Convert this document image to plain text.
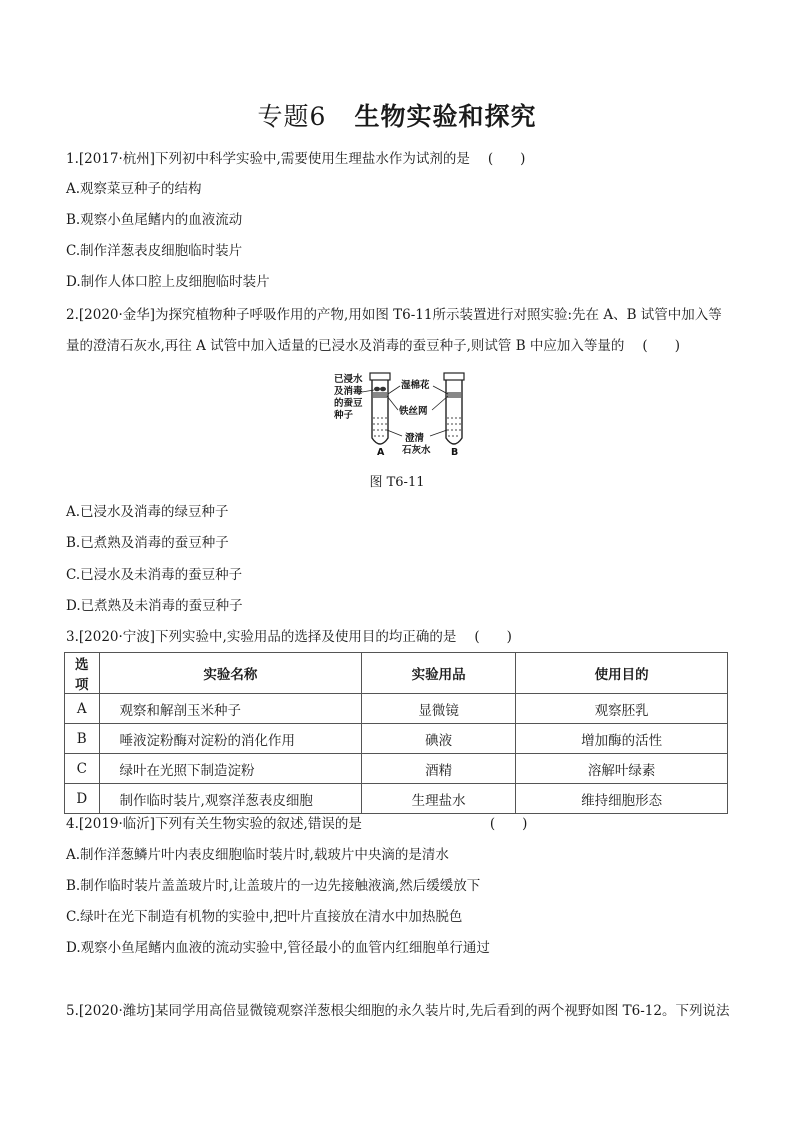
专题6 生物实验和探究
1.[2017·杭州]下列初中科学实验中,需要使用生理盐水作为试剂的是 (　　)
A.观察菜豆种子的结构
B.观察小鱼尾鳍内的血液流动
C.制作洋葱表皮细胞临时装片
D.制作人体口腔上皮细胞临时装片
2.[2020·金华]为探究植物种子呼吸作用的产物,用如图 T6-11所示装置进行对照实验:先在 A、B 试管中加入等
量的澄清石灰水,再往 A 试管中加入适量的已浸水及消毒的蚕豆种子,则试管 B 中应加入等量的 (　　)
已浸水
及消毒
的蚕豆
种子
湿棉花
铁丝网
澄清
石灰水
A	B
图 T6-11
A.已浸水及消毒的绿豆种子
B.已煮熟及消毒的蚕豆种子
C.已浸水及未消毒的蚕豆种子
D.已煮熟及未消毒的蚕豆种子
3.[2020·宁波]下列实验中,实验用品的选择及使用目的均正确的是 (　　)
选项	实验名称	实验用品	使用目的
A	观察和解剖玉米种子	显微镜	观察胚乳
B	唾液淀粉酶对淀粉的消化作用	碘液	增加酶的活性
C	绿叶在光照下制造淀粉	酒精	溶解叶绿素
D	制作临时装片,观察洋葱表皮细胞	生理盐水	维持细胞形态
4.[2019·临沂]下列有关生物实验的叙述,错误的是	(　　)
A.制作洋葱鳞片叶内表皮细胞临时装片时,载玻片中央滴的是清水
B.制作临时装片盖盖玻片时,让盖玻片的一边先接触液滴,然后缓缓放下
C.绿叶在光下制造有机物的实验中,把叶片直接放在清水中加热脱色
D.观察小鱼尾鳍内血液的流动实验中,管径最小的血管内红细胞单行通过
5.[2020·潍坊]某同学用高倍显微镜观察洋葱根尖细胞的永久装片时,先后看到的两个视野如图 T6-12。下列说法
